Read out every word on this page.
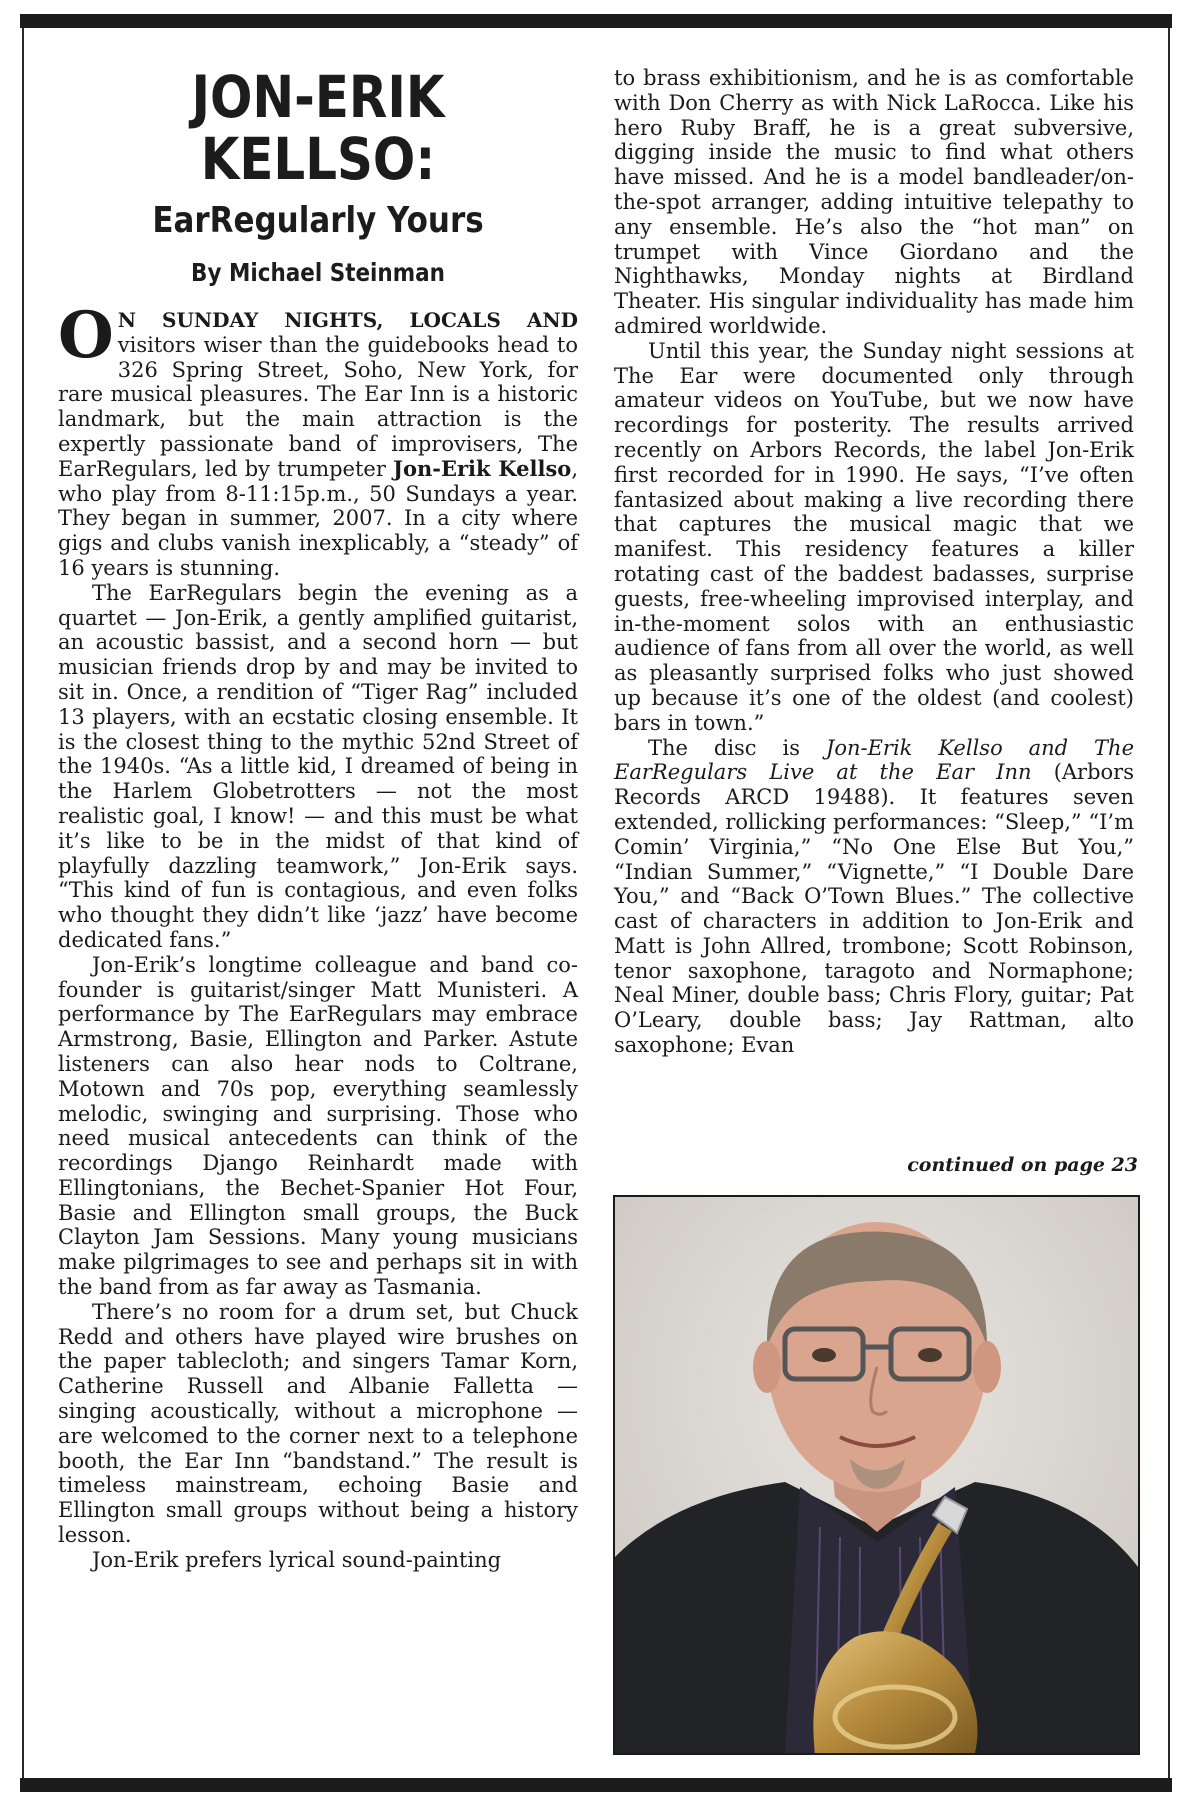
JON-ERIK
KELLSO:
EarRegularly Yours
By Michael Steinman

O N SUNDAY NIGHTS, LOCALS AND visitors wiser than the guidebooks head to 326 Spring Street, Soho, New York, for rare musical pleasures. The Ear Inn is a historic landmark, but the main attraction is the expertly passionate band of improvisers, The EarRegulars, led by trumpeter Jon-Erik Kellso, who play from 8-11:15p.m., 50 Sundays a year. They began in summer, 2007. In a city where gigs and clubs vanish inexplicably, a “steady” of 16 years is stunning.

The EarRegulars begin the evening as a quartet — Jon-Erik, a gently amplified guitarist, an acoustic bassist, and a second horn — but musician friends drop by and may be invited to sit in. Once, a rendition of “Tiger Rag” included 13 players, with an ecstatic closing ensemble. It is the closest thing to the mythic 52nd Street of the 1940s. “As a little kid, I dreamed of being in the Harlem Globetrotters — not the most realistic goal, I know! — and this must be what it’s like to be in the midst of that kind of playfully dazzling teamwork,” Jon-Erik says. “This kind of fun is contagious, and even folks who thought they didn’t like ‘jazz’ have become dedicated fans.”

Jon-Erik’s longtime colleague and band co-founder is guitarist/singer Matt Munisteri. A performance by The EarRegulars may embrace Armstrong, Basie, Ellington and Parker. Astute listeners can also hear nods to Coltrane, Motown and 70s pop, everything seamlessly melodic, swinging and surprising. Those who need musical antecedents can think of the recordings Django Reinhardt made with Ellingtonians, the Bechet-Spanier Hot Four, Basie and Ellington small groups, the Buck Clayton Jam Sessions. Many young musicians make pilgrimages to see and perhaps sit in with the band from as far away as Tasmania.

There’s no room for a drum set, but Chuck Redd and others have played wire brushes on the paper tablecloth; and singers Tamar Korn, Catherine Russell and Albanie Falletta — singing acoustically, without a microphone — are welcomed to the corner next to a telephone booth, the Ear Inn “bandstand.” The result is timeless mainstream, echoing Basie and Ellington small groups without being a history lesson.

Jon-Erik prefers lyrical sound-painting

to brass exhibitionism, and he is as comfortable with Don Cherry as with Nick LaRocca. Like his hero Ruby Braff, he is a great subversive, digging inside the music to find what others have missed. And he is a model bandleader/on-the-spot arranger, adding intuitive telepathy to any ensemble. He’s also the “hot man” on trumpet with Vince Giordano and the Nighthawks, Monday nights at Birdland Theater. His singular individuality has made him admired worldwide.

Until this year, the Sunday night sessions at The Ear were documented only through amateur videos on YouTube, but we now have recordings for posterity. The results arrived recently on Arbors Records, the label Jon-Erik first recorded for in 1990. He says, “I’ve often fantasized about making a live recording there that captures the musical magic that we manifest. This residency features a killer rotating cast of the baddest badasses, surprise guests, free-wheeling improvised interplay, and in-the-moment solos with an enthusiastic audience of fans from all over the world, as well as pleasantly surprised folks who just showed up because it’s one of the oldest (and coolest) bars in town.”

The disc is Jon-Erik Kellso and The EarRegulars Live at the Ear Inn (Arbors Records ARCD 19488). It features seven extended, rollicking performances: “Sleep,” “I’m Comin’ Virginia,” “No One Else But You,” “Indian Summer,” “Vignette,” “I Double Dare You,” and “Back O’Town Blues.” The collective cast of characters in addition to Jon-Erik and Matt is John Allred, trombone; Scott Robinson, tenor saxophone, taragoto and Normaphone; Neal Miner, double bass; Chris Flory, guitar; Pat O’Leary, double bass; Jay Rattman, alto saxophone; Evan

continued on page 23
